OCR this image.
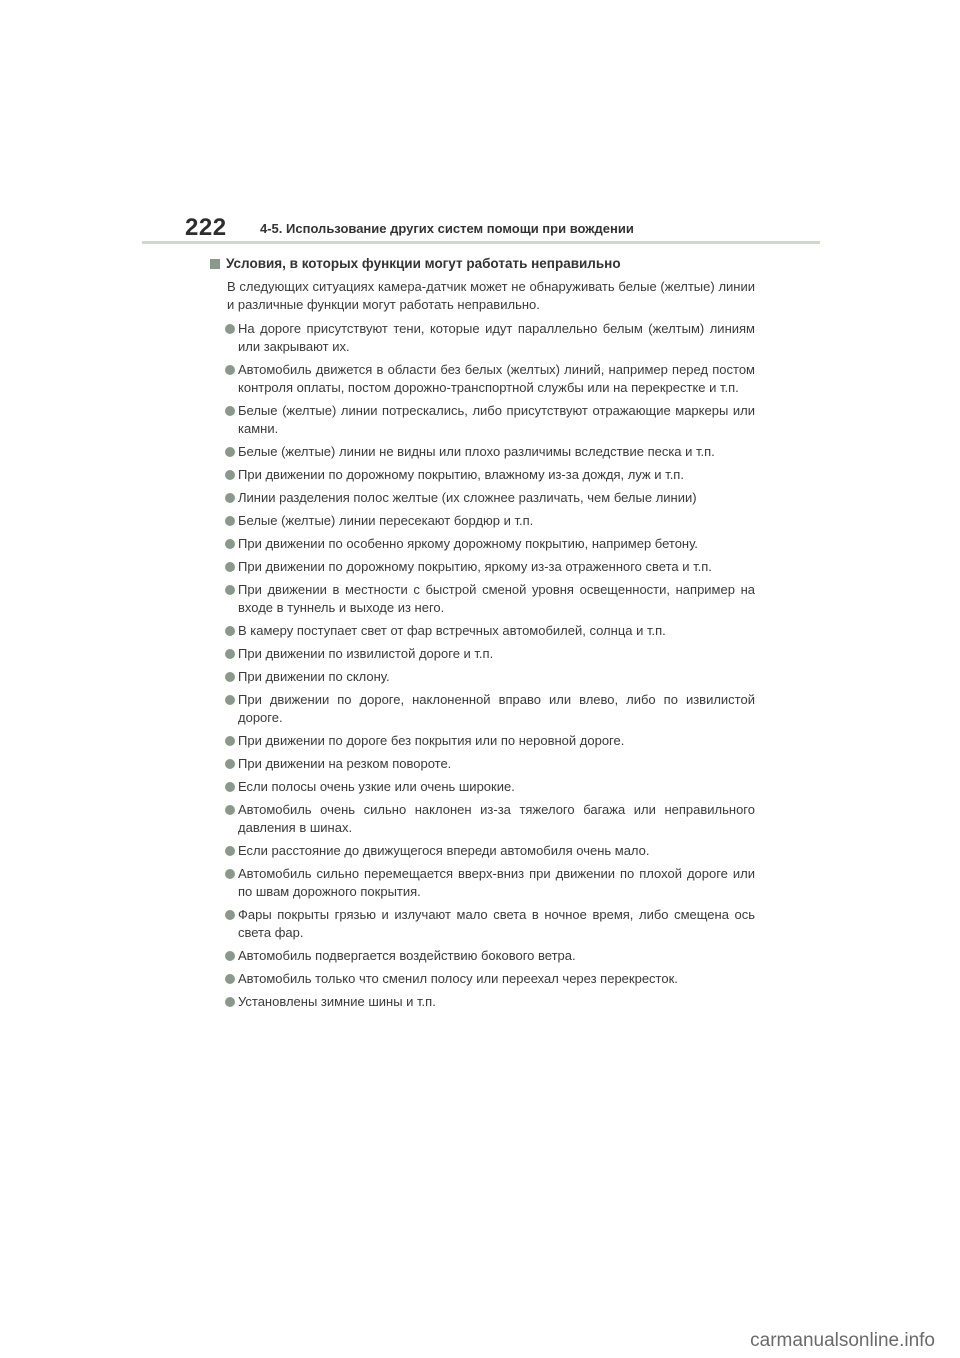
222	4-5. Использование других систем помощи при вождении
Условия, в которых функции могут работать неправильно
В следующих ситуациях камера-датчик может не обнаруживать белые (желтые) линии и различные функции могут работать неправильно.
На дороге присутствуют тени, которые идут параллельно белым (желтым) линиям или закрывают их.
Автомобиль движется в области без белых (желтых) линий, например перед постом контроля оплаты, постом дорожно-транспортной службы или на перекрестке и т.п.
Белые (желтые) линии потрескались, либо присутствуют отражающие маркеры или камни.
Белые (желтые) линии не видны или плохо различимы вследствие песка и т.п.
При движении по дорожному покрытию, влажному из-за дождя, луж и т.п.
Линии разделения полос желтые (их сложнее различать, чем белые линии)
Белые (желтые) линии пересекают бордюр и т.п.
При движении по особенно яркому дорожному покрытию, например бетону.
При движении по дорожному покрытию, яркому из-за отраженного света и т.п.
При движении в местности с быстрой сменой уровня освещенности, например на входе в туннель и выходе из него.
В камеру поступает свет от фар встречных автомобилей, солнца и т.п.
При движении по извилистой дороге и т.п.
При движении по склону.
При движении по дороге, наклоненной вправо или влево, либо по извилистой дороге.
При движении по дороге без покрытия или по неровной дороге.
При движении на резком повороте.
Если полосы очень узкие или очень широкие.
Автомобиль очень сильно наклонен из-за тяжелого багажа или неправильного давления в шинах.
Если расстояние до движущегося впереди автомобиля очень мало.
Автомобиль сильно перемещается вверх-вниз при движении по плохой дороге или по швам дорожного покрытия.
Фары покрыты грязью и излучают мало света в ночное время, либо смещена ось света фар.
Автомобиль подвергается воздействию бокового ветра.
Автомобиль только что сменил полосу или переехал через перекресток.
Установлены зимние шины и т.п.
carmanualsonline.info
